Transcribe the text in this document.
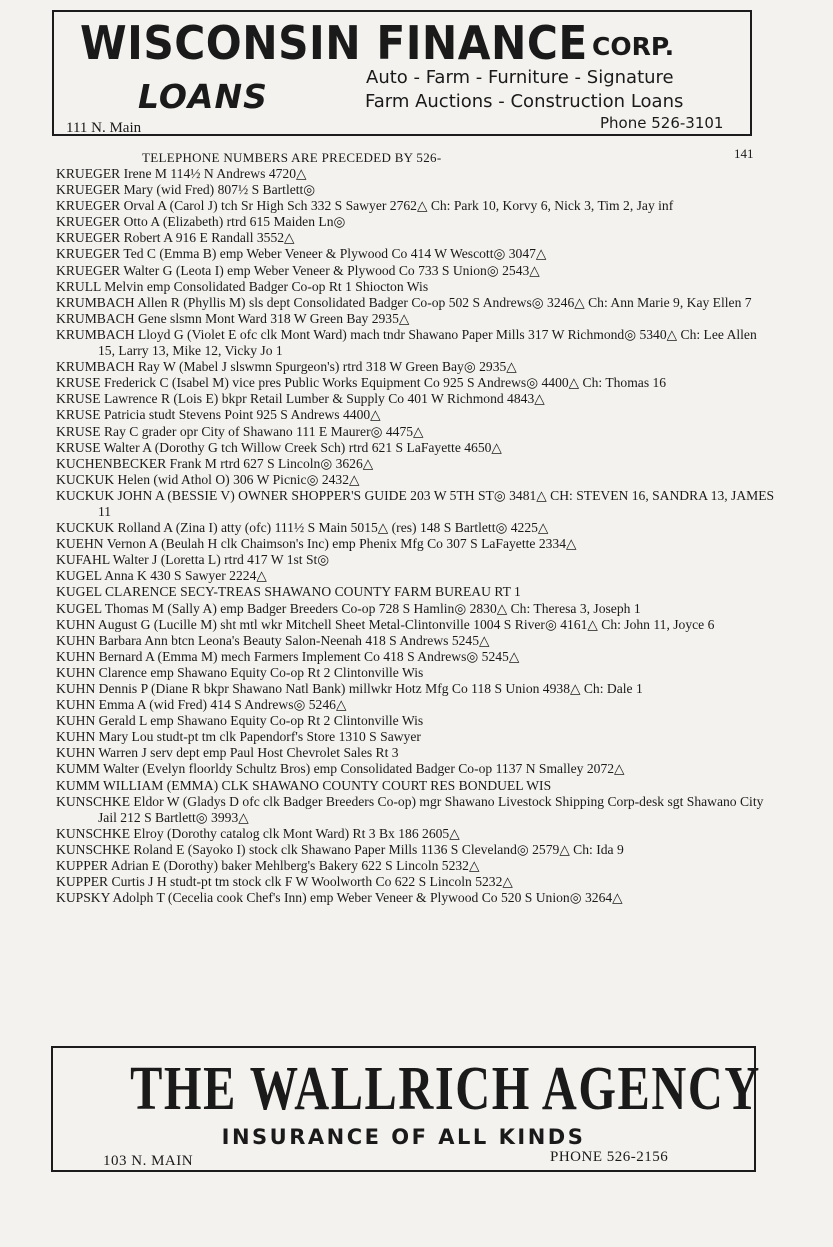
WISCONSIN FINANCE CORP.
LOANS	Auto - Farm - Furniture - Signature
Farm Auctions - Construction Loans
111 N. Main	Phone 526-3101
TELEPHONE NUMBERS ARE PRECEDED BY 526-	141
KRUEGER Irene M 114½ N Andrews 4720△
KRUEGER Mary (wid Fred) 807½ S Bartlett◎
KRUEGER Orval A (Carol J) tch Sr High Sch 332 S Sawyer 2762△ Ch: Park 10, Korvy 6, Nick 3, Tim 2, Jay inf
KRUEGER Otto A (Elizabeth) rtrd 615 Maiden Ln◎
KRUEGER Robert A 916 E Randall 3552△
KRUEGER Ted C (Emma B) emp Weber Veneer & Plywood Co 414 W Wescott◎ 3047△
KRUEGER Walter G (Leota I) emp Weber Veneer & Plywood Co 733 S Union◎ 2543△
KRULL Melvin emp Consolidated Badger Co-op Rt 1 Shiocton Wis
KRUMBACH Allen R (Phyllis M) sls dept Consolidated Badger Co-op 502 S Andrews◎ 3246△ Ch: Ann Marie 9, Kay Ellen 7
KRUMBACH Gene slsmn Mont Ward 318 W Green Bay 2935△
KRUMBACH Lloyd G (Violet E ofc clk Mont Ward) mach tndr Shawano Paper Mills 317 W Richmond◎ 5340△ Ch: Lee Allen 15, Larry 13, Mike 12, Vicky Jo 1
KRUMBACH Ray W (Mabel J slswmn Spurgeon's) rtrd 318 W Green Bay◎ 2935△
KRUSE Frederick C (Isabel M) vice pres Public Works Equipment Co 925 S Andrews◎ 4400△ Ch: Thomas 16
KRUSE Lawrence R (Lois E) bkpr Retail Lumber & Supply Co 401 W Richmond 4843△
KRUSE Patricia studt Stevens Point 925 S Andrews 4400△
KRUSE Ray C grader opr City of Shawano 111 E Maurer◎ 4475△
KRUSE Walter A (Dorothy G tch Willow Creek Sch) rtrd 621 S LaFayette 4650△
KUCHENBECKER Frank M rtrd 627 S Lincoln◎ 3626△
KUCKUK Helen (wid Athol O) 306 W Picnic◎ 2432△
KUCKUK JOHN A (BESSIE V) OWNER SHOPPER'S GUIDE 203 W 5TH ST◎ 3481△ CH: STEVEN 16, SANDRA 13, JAMES 11
KUCKUK Rolland A (Zina I) atty (ofc) 111½ S Main 5015△ (res) 148 S Bartlett◎ 4225△
KUEHN Vernon A (Beulah H clk Chaimson's Inc) emp Phenix Mfg Co 307 S LaFayette 2334△
KUFAHL Walter J (Loretta L) rtrd 417 W 1st St◎
KUGEL Anna K 430 S Sawyer 2224△
KUGEL CLARENCE SECY-TREAS SHAWANO COUNTY FARM BUREAU RT 1
KUGEL Thomas M (Sally A) emp Badger Breeders Co-op 728 S Hamlin◎ 2830△ Ch: Theresa 3, Joseph 1
KUHN August G (Lucille M) sht mtl wkr Mitchell Sheet Metal-Clintonville 1004 S River◎ 4161△ Ch: John 11, Joyce 6
KUHN Barbara Ann btcn Leona's Beauty Salon-Neenah 418 S Andrews 5245△
KUHN Bernard A (Emma M) mech Farmers Implement Co 418 S Andrews◎ 5245△
KUHN Clarence emp Shawano Equity Co-op Rt 2 Clintonville Wis
KUHN Dennis P (Diane R bkpr Shawano Natl Bank) millwkr Hotz Mfg Co 118 S Union 4938△ Ch: Dale 1
KUHN Emma A (wid Fred) 414 S Andrews◎ 5246△
KUHN Gerald L emp Shawano Equity Co-op Rt 2 Clintonville Wis
KUHN Mary Lou studt-pt tm clk Papendorf's Store 1310 S Sawyer
KUHN Warren J serv dept emp Paul Host Chevrolet Sales Rt 3
KUMM Walter (Evelyn floorldy Schultz Bros) emp Consolidated Badger Co-op 1137 N Smalley 2072△
KUMM WILLIAM (EMMA) CLK SHAWANO COUNTY COURT RES BONDUEL WIS
KUNSCHKE Eldor W (Gladys D ofc clk Badger Breeders Co-op) mgr Shawano Livestock Shipping Corp-desk sgt Shawano City Jail 212 S Bartlett◎ 3993△
KUNSCHKE Elroy (Dorothy catalog clk Mont Ward) Rt 3 Bx 186 2605△
KUNSCHKE Roland E (Sayoko I) stock clk Shawano Paper Mills 1136 S Cleveland◎ 2579△ Ch: Ida 9
KUPPER Adrian E (Dorothy) baker Mehlberg's Bakery 622 S Lincoln 5232△
KUPPER Curtis J H studt-pt tm stock clk F W Woolworth Co 622 S Lincoln 5232△
KUPSKY Adolph T (Cecelia cook Chef's Inn) emp Weber Veneer & Plywood Co 520 S Union◎ 3264△
THE WALLRICH AGENCY
INSURANCE OF ALL KINDS
103 N. MAIN	PHONE 526-2156
